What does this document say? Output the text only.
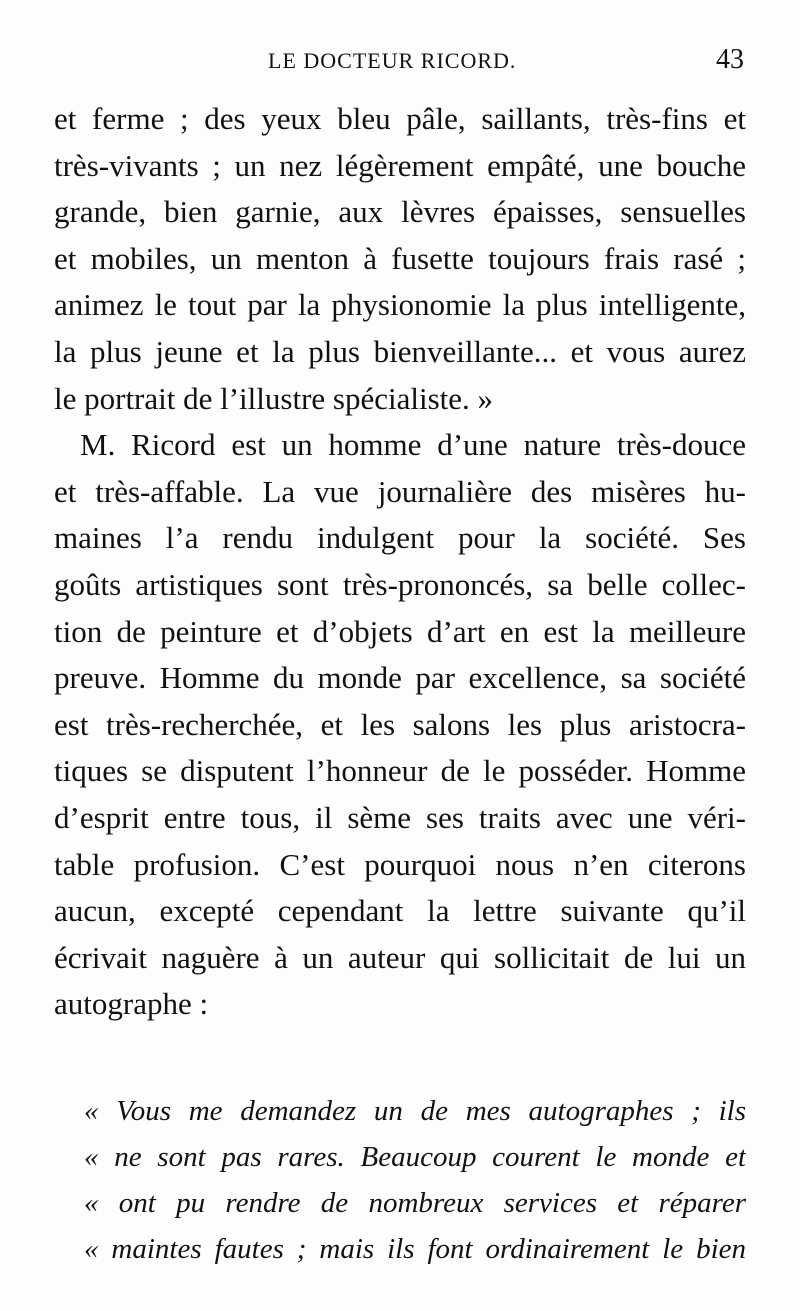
LE DOCTEUR RICORD.	43
et ferme ; des yeux bleu pâle, saillants, très-fins et
très-vivants ; un nez légèrement empâté, une bouche
grande, bien garnie, aux lèvres épaisses, sensuelles
et mobiles, un menton à fusette toujours frais rasé ;
animez le tout par la physionomie la plus intelligente,
la plus jeune et la plus bienveillante... et vous aurez
le portrait de l’illustre spécialiste. »
M. Ricord est un homme d’une nature très-douce
et très-affable. La vue journalière des misères hu-
maines l’a rendu indulgent pour la société. Ses
goûts artistiques sont très-prononcés, sa belle collec-
tion de peinture et d’objets d’art en est la meilleure
preuve. Homme du monde par excellence, sa société
est très-recherchée, et les salons les plus aristocra-
tiques se disputent l’honneur de le posséder. Homme
d’esprit entre tous, il sème ses traits avec une véri-
table profusion. C’est pourquoi nous n’en citerons
aucun, excepté cependant la lettre suivante qu’il
écrivait naguère à un auteur qui sollicitait de lui un
autographe :
« Vous me demandez un de mes autographes ; ils
« ne sont pas rares. Beaucoup courent le monde et
« ont pu rendre de nombreux services et réparer
« maintes fautes ; mais ils font ordinairement le bien
